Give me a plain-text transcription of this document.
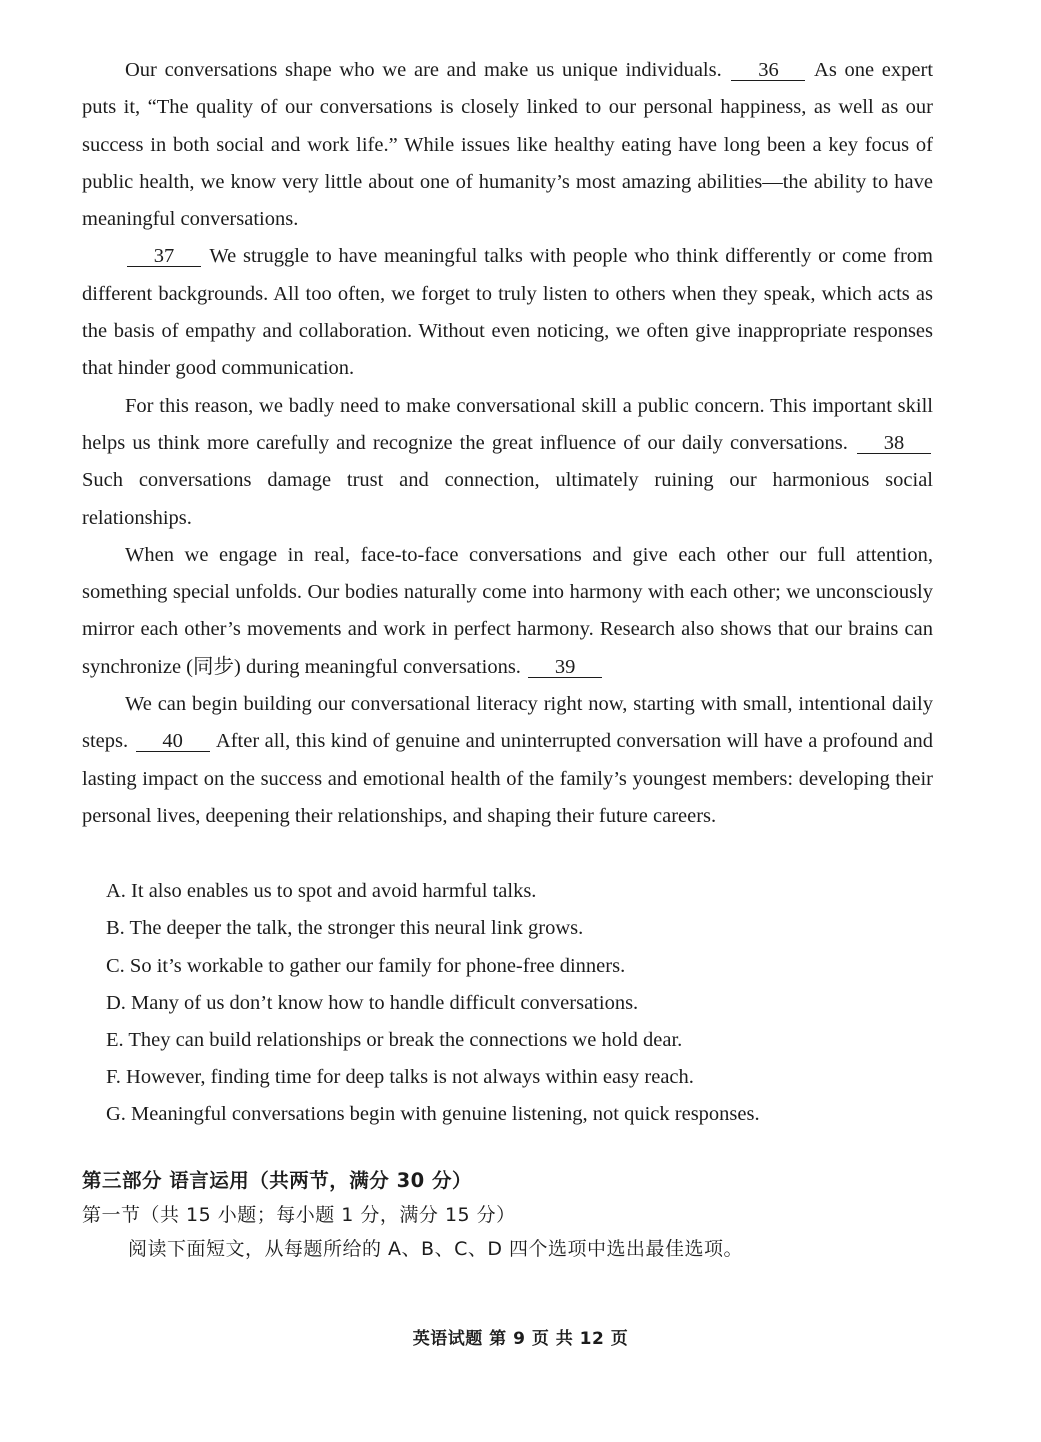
Our conversations shape who we are and make us unique individuals. 36 As one expert puts it, “The quality of our conversations is closely linked to our personal happiness, as well as our success in both social and work life.” While issues like healthy eating have long been a key focus of public health, we know very little about one of humanity’s most amazing abilities—the ability to have meaningful conversations.

37 We struggle to have meaningful talks with people who think differently or come from different backgrounds. All too often, we forget to truly listen to others when they speak, which acts as the basis of empathy and collaboration. Without even noticing, we often give inappropriate responses that hinder good communication.

For this reason, we badly need to make conversational skill a public concern. This important skill helps us think more carefully and recognize the great influence of our daily conversations. 38 Such conversations damage trust and connection, ultimately ruining our harmonious social relationships.

When we engage in real, face-to-face conversations and give each other our full attention, something special unfolds. Our bodies naturally come into harmony with each other; we unconsciously mirror each other’s movements and work in perfect harmony. Research also shows that our brains can synchronize (同步) during meaningful conversations. 39

We can begin building our conversational literacy right now, starting with small, intentional daily steps. 40 After all, this kind of genuine and uninterrupted conversation will have a profound and lasting impact on the success and emotional health of the family’s youngest members: developing their personal lives, deepening their relationships, and shaping their future careers.

A. It also enables us to spot and avoid harmful talks.

B. The deeper the talk, the stronger this neural link grows.

C. So it’s workable to gather our family for phone-free dinners.

D. Many of us don’t know how to handle difficult conversations.

E. They can build relationships or break the connections we hold dear.

F. However, finding time for deep talks is not always within easy reach.

G. Meaningful conversations begin with genuine listening, not quick responses.

第三部分 语言运用（共两节，满分 30 分）

第一节（共 15 小题；每小题 1 分，满分 15 分）

阅读下面短文，从每题所给的 A、B、C、D 四个选项中选出最佳选项。

英语试题 第 9 页 共 12 页
